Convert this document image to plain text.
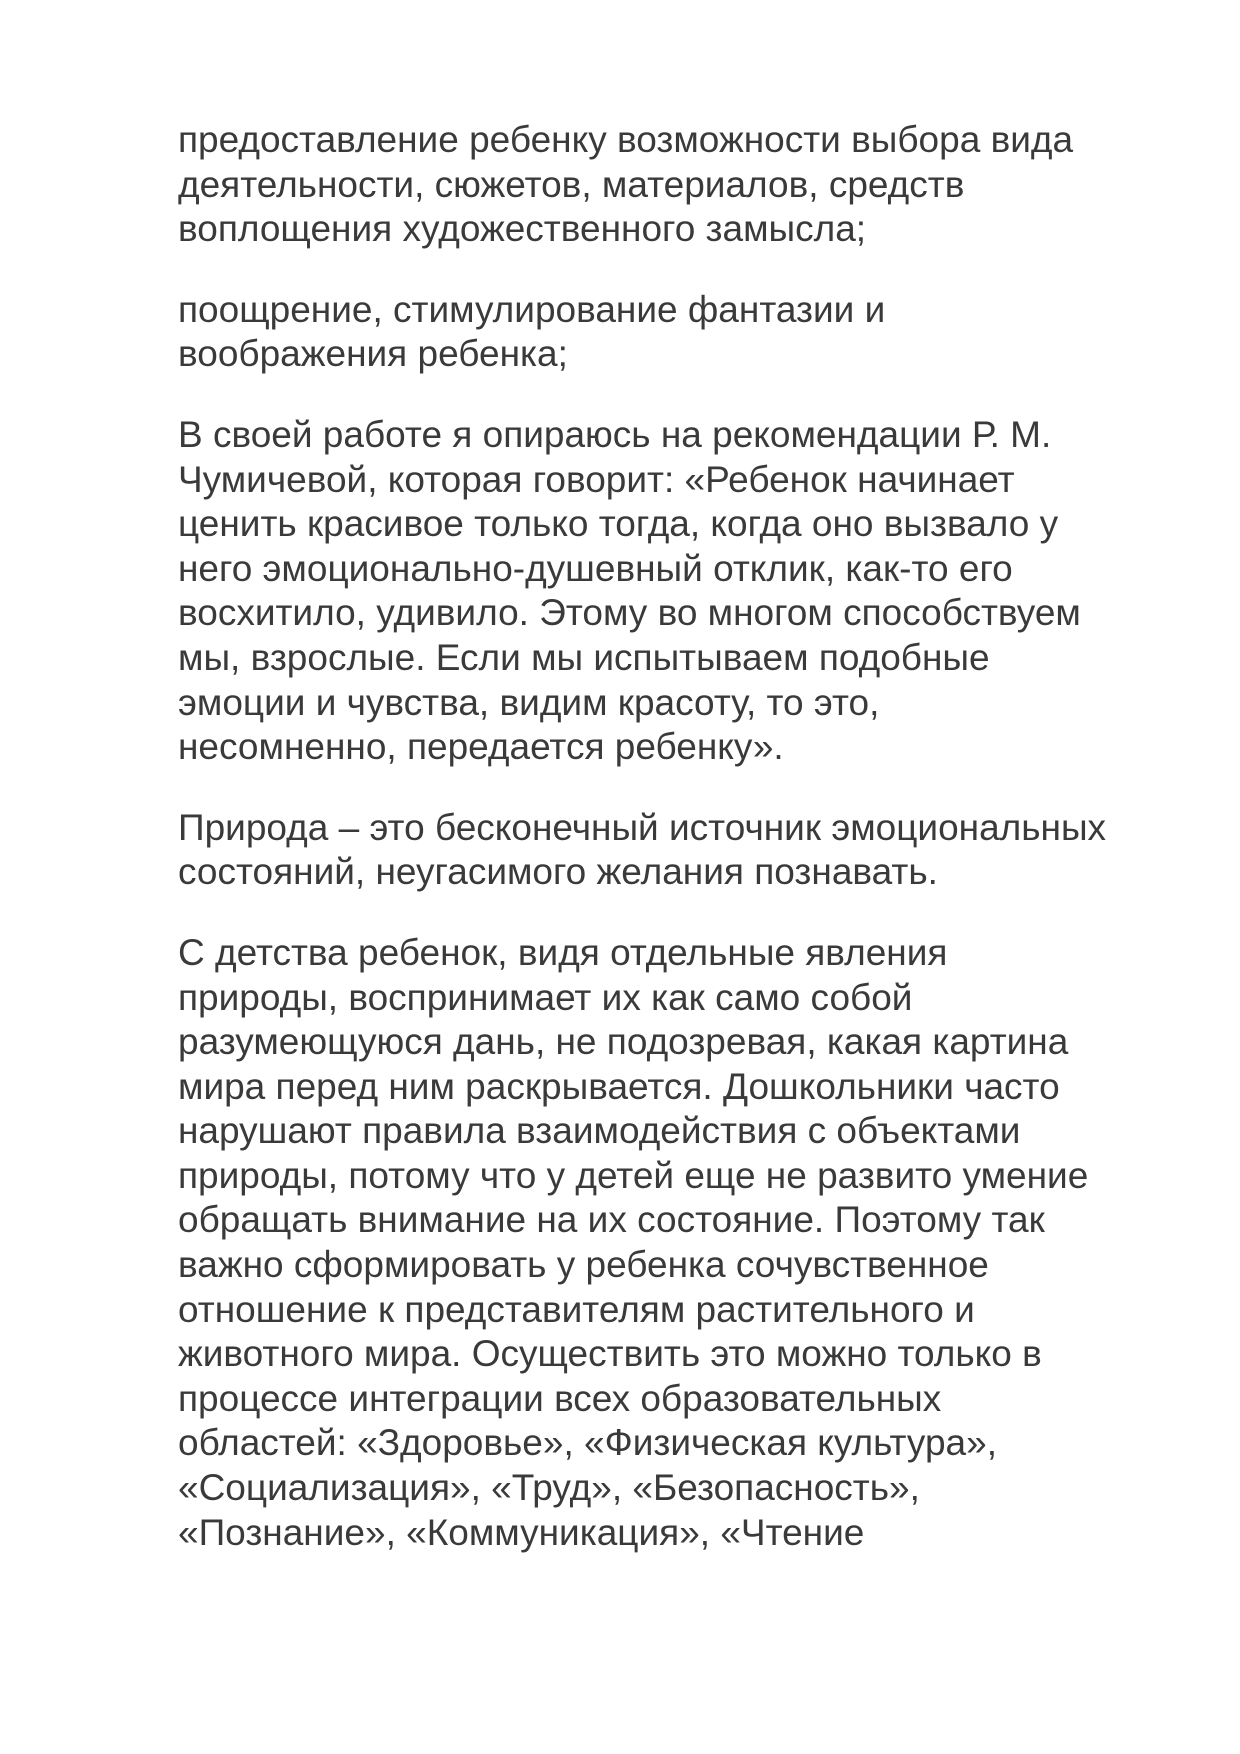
предоставление ребенку возможности выбора вида
деятельности, сюжетов, материалов, средств
воплощения художественного замысла;

поощрение, стимулирование фантазии и
воображения ребенка;

В своей работе я опираюсь на рекомендации Р. М.
Чумичевой, которая говорит: «Ребенок начинает
ценить красивое только тогда, когда оно вызвало у
него эмоционально-душевный отклик, как-то его
восхитило, удивило. Этому во многом способствуем
мы, взрослые. Если мы испытываем подобные
эмоции и чувства, видим красоту, то это,
несомненно, передается ребенку».

Природа – это бесконечный источник эмоциональных
состояний, неугасимого желания познавать.

С детства ребенок, видя отдельные явления
природы, воспринимает их как само собой
разумеющуюся дань, не подозревая, какая картина
мира перед ним раскрывается. Дошкольники часто
нарушают правила взаимодействия с объектами
природы, потому что у детей еще не развито умение
обращать внимание на их состояние. Поэтому так
важно сформировать у ребенка сочувственное
отношение к представителям растительного и
животного мира. Осуществить это можно только в
процессе интеграции всех образовательных
областей: «Здоровье», «Физическая культура»,
«Социализация», «Труд», «Безопасность»,
«Познание», «Коммуникация», «Чтение
